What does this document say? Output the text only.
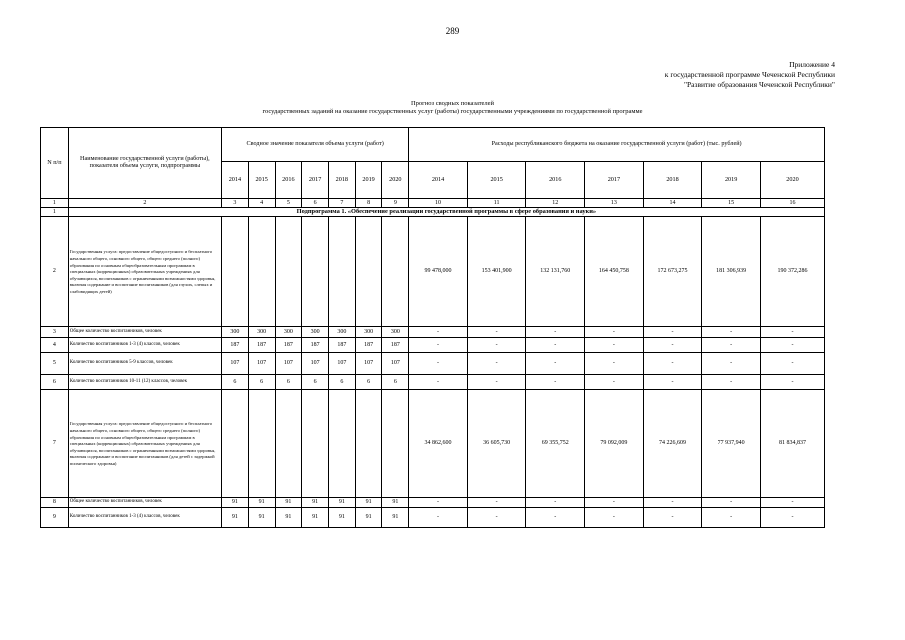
289
Приложение 4
к государственной программе Чеченской Республики
"Развитие образования Чеченской Республики"
Прогноз сводных показателей
государственных заданий на оказание государственных услуг (работы) государственными учреждениями по государственной программе
N п/п	Наименование государственной услуги (работы), показателя объема услуги, подпрограммы	Сводное значение показателя объема услуги (работ)							Расходы республиканского бюджета на оказание государственной услуги (работ) (тыс. рублей)						
		2014	2015	2016	2017	2018	2019	2020	2014	2015	2016	2017	2018	2019	2020
1	2	3	4	5	6	7	8	9	10	11	12	13	14	15	16
1	Подпрограмма 1. «Обеспечение реализации государственной программы в сфере образования и науки»														
2	Государственная услуга: предоставление общедоступного и бесплатного начального общего, основного общего, общего среднего (полного) образования по основным общеобразовательным программам в специальных (коррекционных) образовательных учреждениях для обучающихся, воспитанников с ограниченными возможностями здоровья, включая содержание и воспитание воспитанников (для глухих, слепых и слабовидящих детей)								99 478,000	153 401,900	132 131,760	164 450,758	172 673,275	181 306,939	190 372,286
3	Общее количество воспитанников, человек	300	300	300	300	300	300	300	-	-	-	-	-	-	-
4	Количество воспитанников 1-3 (4) классов, человек	187	187	187	187	187	187	187	-	-	-	-	-	-	-
5	Количество воспитанников 5-9 классов, человек	107	107	107	107	107	107	107	-	-	-	-	-	-	-
6	Количество воспитанников 10-11 (12) классов, человек	6	6	6	6	6	6	6	-	-	-	-	-	-	-
7	Государственная услуга: предоставление общедоступного и бесплатного начального общего, основного общего, общего среднего (полного) образования по основным общеобразовательным программам в специальных (коррекционных) образовательных учреждениях для обучающихся, воспитанников с ограниченными возможностями здоровья, включая содержание и воспитание воспитанников (для детей с задержкой психического здоровья)								34 862,600	36 605,730	69 355,752	79 092,009	74 226,609	77 937,940	81 834,837
8	Общее количество воспитанников, человек	91	91	91	91	91	91	91	-	-	-	-	-	-	-
9	Количество воспитанников 1-3 (4) классов, человек	91	91	91	91	91	91	91	-	-	-	-	-	-	-
